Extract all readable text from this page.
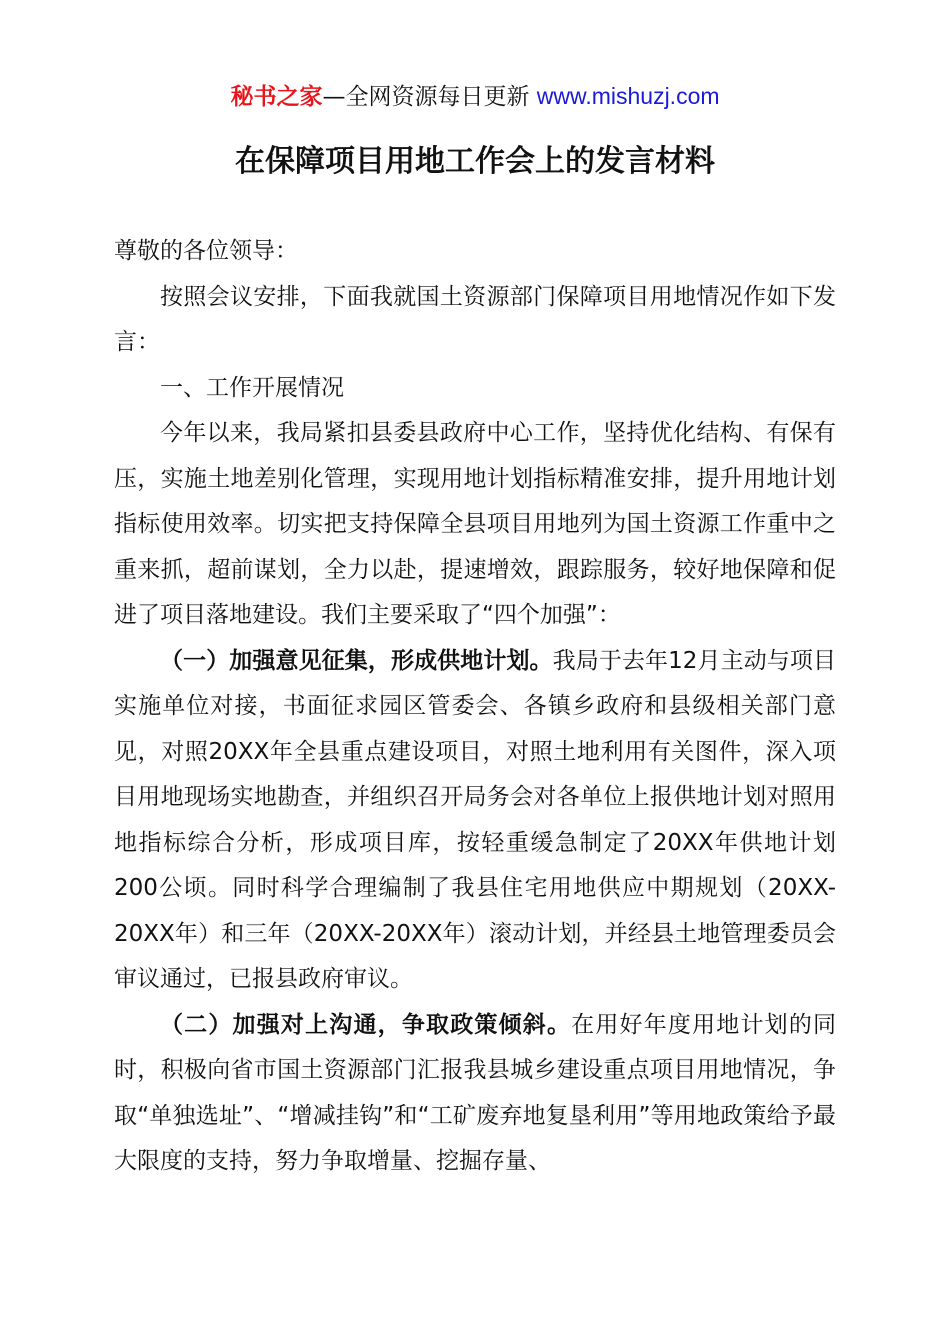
秘书之家—全网资源每日更新 www.mishuzj.com
在保障项目用地工作会上的发言材料

尊敬的各位领导：

按照会议安排，下面我就国土资源部门保障项目用地情况作如下发言：

一、工作开展情况

今年以来，我局紧扣县委县政府中心工作，坚持优化结构、有保有压，实施土地差别化管理，实现用地计划指标精准安排，提升用地计划指标使用效率。切实把支持保障全县项目用地列为国土资源工作重中之重来抓，超前谋划，全力以赴，提速增效，跟踪服务，较好地保障和促进了项目落地建设。我们主要采取了“四个加强”：

（一）加强意见征集，形成供地计划。我局于去年12月主动与项目实施单位对接，书面征求园区管委会、各镇乡政府和县级相关部门意见，对照20XX年全县重点建设项目，对照土地利用有关图件，深入项目用地现场实地勘查，并组织召开局务会对各单位上报供地计划对照用地指标综合分析，形成项目库，按轻重缓急制定了20XX年供地计划200公顷。同时科学合理编制了我县住宅用地供应中期规划（20XX-20XX年）和三年（20XX-20XX年）滚动计划，并经县土地管理委员会审议通过，已报县政府审议。

（二）加强对上沟通，争取政策倾斜。在用好年度用地计划的同时，积极向省市国土资源部门汇报我县城乡建设重点项目用地情况，争取“单独选址”、“增减挂钩”和“工矿废弃地复垦利用”等用地政策给予最大限度的支持，努力争取增量、挖掘存量、
